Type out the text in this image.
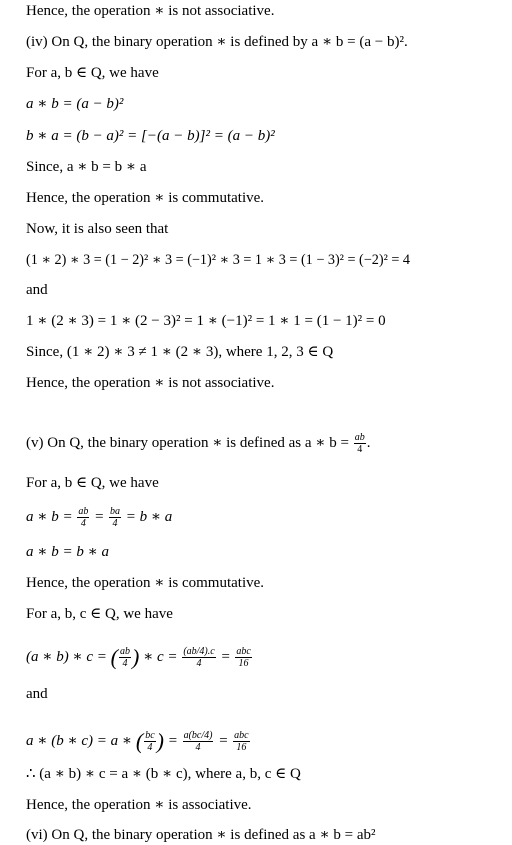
Hence, the operation ∗ is not associative.
(iv) On Q, the binary operation ∗ is defined by a ∗ b = (a − b)².
For a, b ∈ Q, we have
a ∗ b = (a − b)²
b ∗ a = (b − a)² = [−(a − b)]² = (a − b)²
Since, a ∗ b = b ∗ a
Hence, the operation ∗ is commutative.
Now, it is also seen that
(1 ∗ 2) ∗ 3 = (1 − 2)² ∗ 3 = (−1)² ∗ 3 = 1 ∗ 3 = (1 − 3)² = (−2)² = 4
and
1 ∗ (2 ∗ 3) = 1 ∗ (2 − 3)² = 1 ∗ (−1)² = 1 ∗ 1 = (1 − 1)² = 0
Since, (1 ∗ 2) ∗ 3 ≠ 1 ∗ (2 ∗ 3), where 1, 2, 3 ∈ Q
Hence, the operation ∗ is not associative.
(v) On Q, the binary operation ∗ is defined as a ∗ $b = \frac{ab}{4}$ .
For a, b ∈ Q, we have
a ∗ $b = \frac{ab}{4} = \frac{ba}{4} = b$ ∗ a
a ∗ b = b ∗ a
Hence, the operation ∗ is commutative.
For a, b, c ∈ Q, we have
(a ∗ b) ∗ c = ( $\frac{ab}{4}$ ) ∗ $c = \frac{(ab/4).c}{4} = \frac{\text{abc}}{16}$
and
a ∗ (b ∗ c) = a ∗ ( $\frac{bc}{4}$ ) = $\frac{a(bc/4)}{4} = \frac{\text{abc}}{16}$
∴ (a ∗ b) ∗ c = a ∗ (b ∗ c), where a, b, c ∈ Q
Hence, the operation ∗ is associative.
(vi) On Q, the binary operation ∗ is defined as a ∗ b = ab²
